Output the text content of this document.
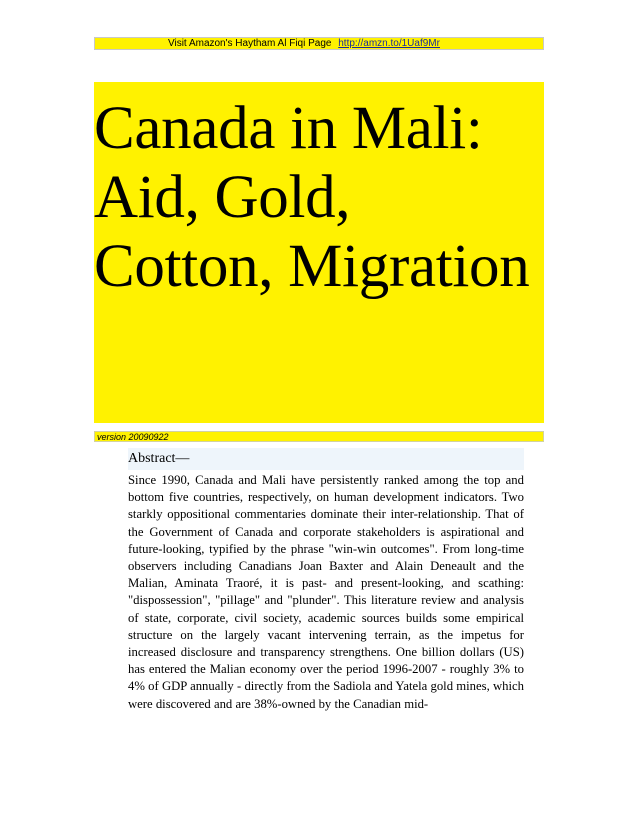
Visit Amazon's Haytham Al Fiqi Page http://amzn.to/1Uaf9Mr
Canada in Mali: Aid, Gold, Cotton, Migration
version 20090922
Abstract—

Since 1990, Canada and Mali have persistently ranked among the top and bottom five countries, respectively, on human development indicators. Two starkly oppositional commentaries dominate their inter-relationship. That of the Government of Canada and corporate stakeholders is aspirational and future-looking, typified by the phrase "win-win outcomes". From long-time observers including Canadians Joan Baxter and Alain Deneault and the Malian, Aminata Traoré, it is past- and present-looking, and scathing: "dispossession", "pillage" and "plunder". This literature review and analysis of state, corporate, civil society, academic sources builds some empirical structure on the largely vacant intervening terrain, as the impetus for increased disclosure and transparency strengthens. One billion dollars (US) has entered the Malian economy over the period 1996-2007 - roughly 3% to 4% of GDP annually - directly from the Sadiola and Yatela gold mines, which were discovered and are 38%-owned by the Canadian mid-
